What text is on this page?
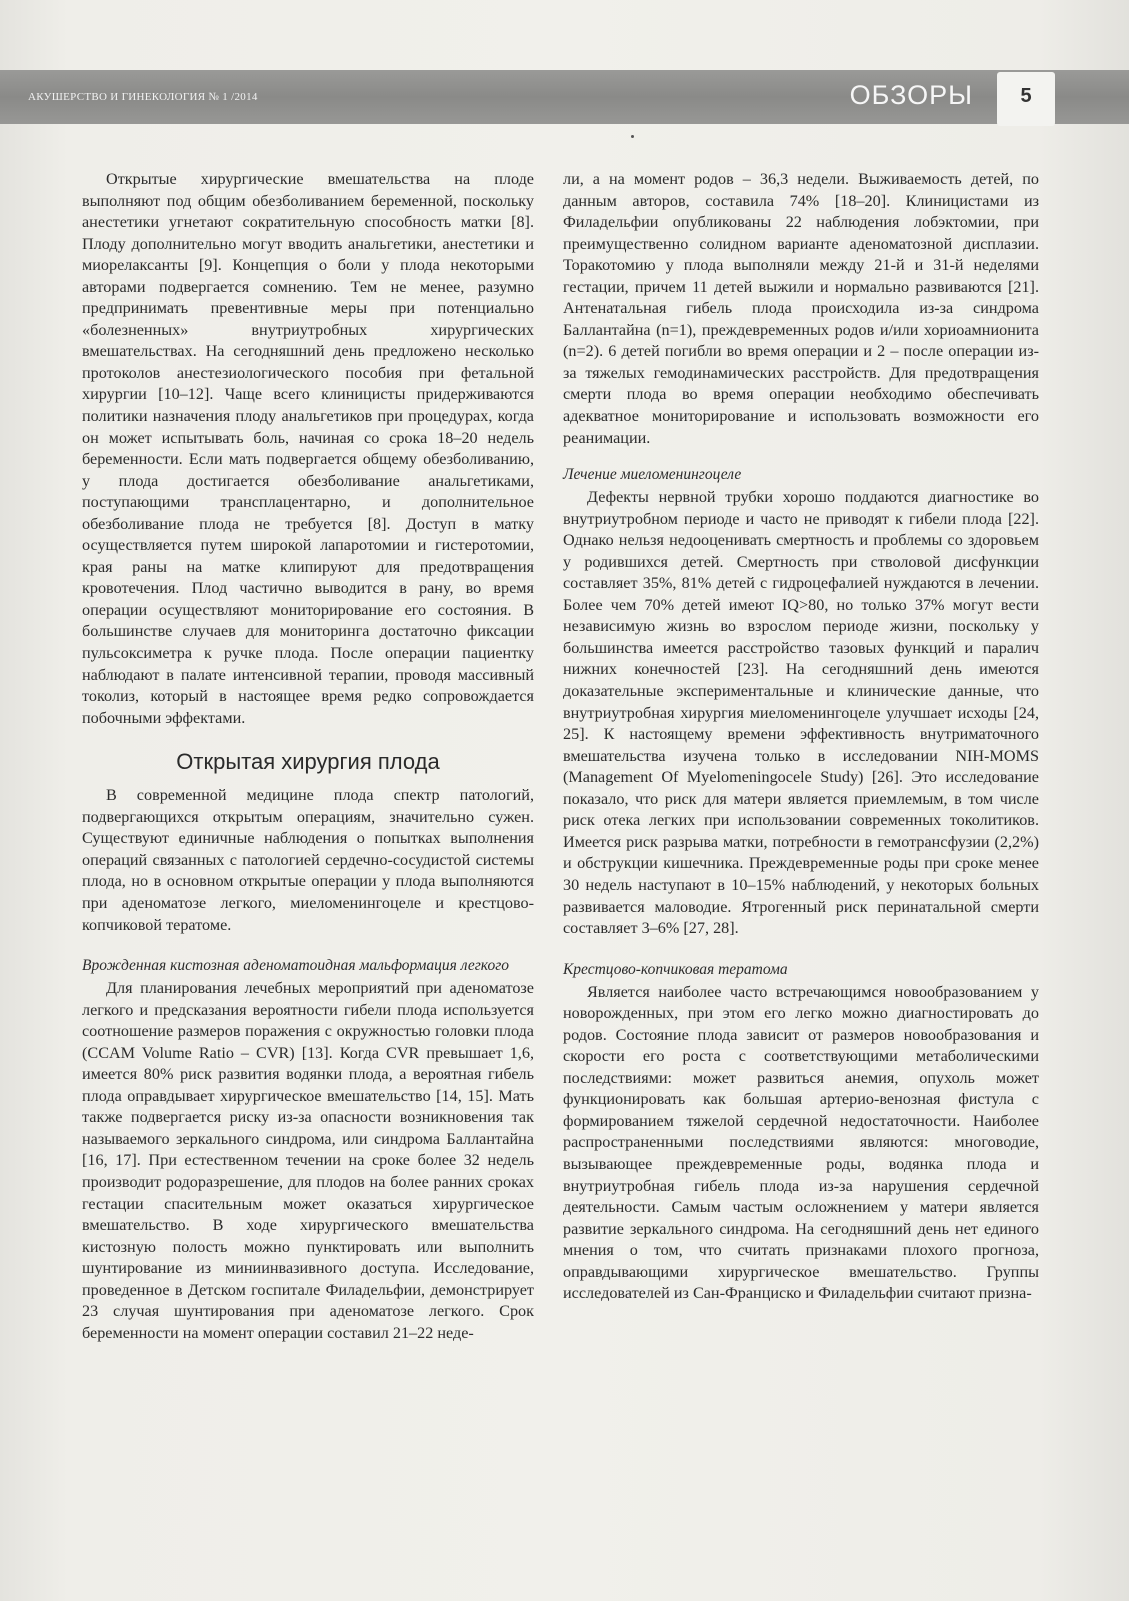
АКУШЕРСТВО И ГИНЕКОЛОГИЯ № 1 /2014	ОБЗОРЫ	5

Открытые хирургические вмешательства на плоде выполняют под общим обезболиванием беременной, поскольку анестетики угнетают сократительную способность матки [8]. Плоду дополнительно могут вводить анальгетики, анестетики и миорелаксанты [9]. Концепция о боли у плода некоторыми авторами подвергается сомнению. Тем не менее, разумно предпринимать превентивные меры при потенциально «болезненных» внутриутробных хирургических вмешательствах. На сегодняшний день предложено несколько протоколов анестезиологического пособия при фетальной хирургии [10–12]. Чаще всего клиницисты придерживаются политики назначения плоду анальгетиков при процедурах, когда он может испытывать боль, начиная со срока 18–20 недель беременности. Если мать подвергается общему обезболиванию, у плода достигается обезболивание анальгетиками, поступающими трансплацентарно, и дополнительное обезболивание плода не требуется [8]. Доступ в матку осуществляется путем широкой лапаротомии и гистеротомии, края раны на матке клипируют для предотвращения кровотечения. Плод частично выводится в рану, во время операции осуществляют мониторирование его состояния. В большинстве случаев для мониторинга достаточно фиксации пульсоксиметра к ручке плода. После операции пациентку наблюдают в палате интенсивной терапии, проводя массивный токолиз, который в настоящее время редко сопровождается побочными эффектами.

Открытая хирургия плода

В современной медицине плода спектр патологий, подвергающихся открытым операциям, значительно сужен. Существуют единичные наблюдения о попытках выполнения операций связанных с патологией сердечно-сосудистой системы плода, но в основном открытые операции у плода выполняются при аденоматозе легкого, миеломенингоцеле и крестцово-копчиковой тератоме.

Врожденная кистозная аденоматоидная мальформация легкого

Для планирования лечебных мероприятий при аденоматозе легкого и предсказания вероятности гибели плода используется соотношение размеров поражения с окружностью головки плода (CCAM Volume Ratio – CVR) [13]. Когда CVR превышает 1,6, имеется 80% риск развития водянки плода, а вероятная гибель плода оправдывает хирургическое вмешательство [14, 15]. Мать также подвергается риску из-за опасности возникновения так называемого зеркального синдрома, или синдрома Баллантайна [16, 17]. При естественном течении на сроке более 32 недель производит родоразрешение, для плодов на более ранних сроках гестации спасительным может оказаться хирургическое вмешательство. В ходе хирургического вмешательства кистозную полость можно пунктировать или выполнить шунтирование из миниинвазивного доступа. Исследование, проведенное в Детском госпитале Филадельфии, демонстрирует 23 случая шунтирования при аденоматозе легкого. Срок беременности на момент операции составил 21–22 неде-

ли, а на момент родов – 36,3 недели. Выживаемость детей, по данным авторов, составила 74% [18–20]. Клиницистами из Филадельфии опубликованы 22 наблюдения лобэктомии, при преимущественно солидном варианте аденоматозной дисплазии. Торакотомию у плода выполняли между 21-й и 31-й неделями гестации, причем 11 детей выжили и нормально развиваются [21]. Антенатальная гибель плода происходила из-за синдрома Баллантайна (n=1), преждевременных родов и/или хориоамнионита (n=2). 6 детей погибли во время операции и 2 – после операции из-за тяжелых гемодинамических расстройств. Для предотвращения смерти плода во время операции необходимо обеспечивать адекватное мониторирование и использовать возможности его реанимации.

Лечение миеломенингоцеле

Дефекты нервной трубки хорошо поддаются диагностике во внутриутробном периоде и часто не приводят к гибели плода [22]. Однако нельзя недооценивать смертность и проблемы со здоровьем у родившихся детей. Смертность при стволовой дисфункции составляет 35%, 81% детей с гидроцефалией нуждаются в лечении. Более чем 70% детей имеют IQ>80, но только 37% могут вести независимую жизнь во взрослом периоде жизни, поскольку у большинства имеется расстройство тазовых функций и паралич нижних конечностей [23]. На сегодняшний день имеются доказательные экспериментальные и клинические данные, что внутриутробная хирургия миеломенингоцеле улучшает исходы [24, 25]. К настоящему времени эффективность внутриматочного вмешательства изучена только в исследовании NIH-MOMS (Management Of Myelomeningocele Study) [26]. Это исследование показало, что риск для матери является приемлемым, в том числе риск отека легких при использовании современных токолитиков. Имеется риск разрыва матки, потребности в гемотрансфузии (2,2%) и обструкции кишечника. Преждевременные роды при сроке менее 30 недель наступают в 10–15% наблюдений, у некоторых больных развивается маловодие. Ятрогенный риск перинатальной смерти составляет 3–6% [27, 28].

Крестцово-копчиковая тератома

Является наиболее часто встречающимся новообразованием у новорожденных, при этом его легко можно диагностировать до родов. Состояние плода зависит от размеров новообразования и скорости его роста с соответствующими метаболическими последствиями: может развиться анемия, опухоль может функционировать как большая артерио-венозная фистула с формированием тяжелой сердечной недостаточности. Наиболее распространенными последствиями являются: многоводие, вызывающее преждевременные роды, водянка плода и внутриутробная гибель плода из-за нарушения сердечной деятельности. Самым частым осложнением у матери является развитие зеркального синдрома. На сегодняшний день нет единого мнения о том, что считать признаками плохого прогноза, оправдывающими хирургическое вмешательство. Группы исследователей из Сан-Франциско и Филадельфии считают призна-
